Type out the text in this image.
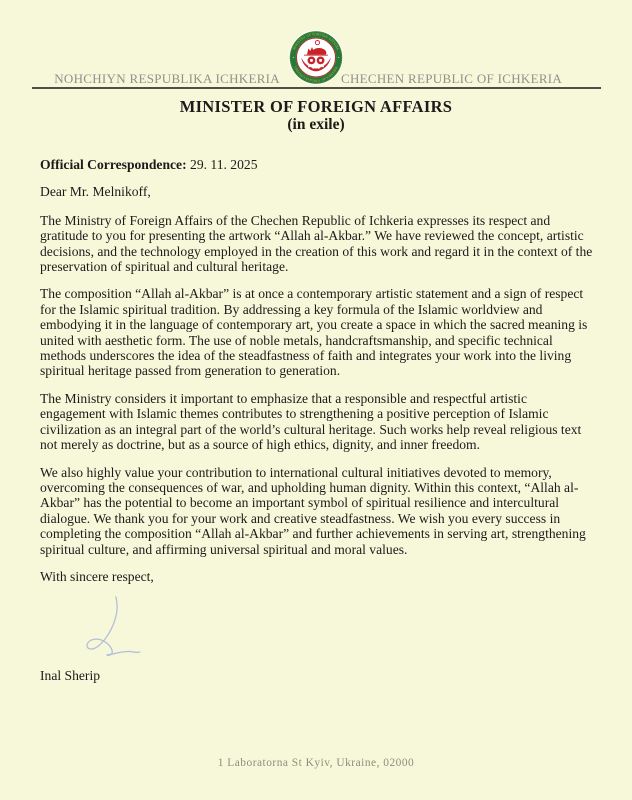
NOHCHIYN RESPUBLIKA ICHKERIA
MINISTRY OF FOREIGN AFFAIRS
CHECHEN REPUBLIC OF ICHKERIA
CHECHEN REPUBLIC OF ICHKERIA
MINISTER OF FOREIGN AFFAIRS
(in exile)

Official Correspondence: 29. 11. 2025

Dear Mr. Melnikoff,

The Ministry of Foreign Affairs of the Chechen Republic of Ichkeria expresses its respect and gratitude to you for presenting the artwork “Allah al-Akbar.” We have reviewed the concept, artistic decisions, and the technology employed in the creation of this work and regard it in the context of the preservation of spiritual and cultural heritage.

The composition “Allah al-Akbar” is at once a contemporary artistic statement and a sign of respect for the Islamic spiritual tradition. By addressing a key formula of the Islamic worldview and embodying it in the language of contemporary art, you create a space in which the sacred meaning is united with aesthetic form. The use of noble metals, handcraftsmanship, and specific technical methods underscores the idea of the steadfastness of faith and integrates your work into the living spiritual heritage passed from generation to generation.

The Ministry considers it important to emphasize that a responsible and respectful artistic engagement with Islamic themes contributes to strengthening a positive perception of Islamic civilization as an integral part of the world’s cultural heritage. Such works help reveal religious text not merely as doctrine, but as a source of high ethics, dignity, and inner freedom.

We also highly value your contribution to international cultural initiatives devoted to memory, overcoming the consequences of war, and upholding human dignity. Within this context, “Allah al-Akbar” has the potential to become an important symbol of spiritual resilience and intercultural dialogue. We thank you for your work and creative steadfastness. We wish you every success in completing the composition “Allah al-Akbar” and further achievements in serving art, strengthening spiritual culture, and affirming universal spiritual and moral values.

With sincere respect,

Inal Sherip

1 Laboratorna St Kyiv, Ukraine, 02000
